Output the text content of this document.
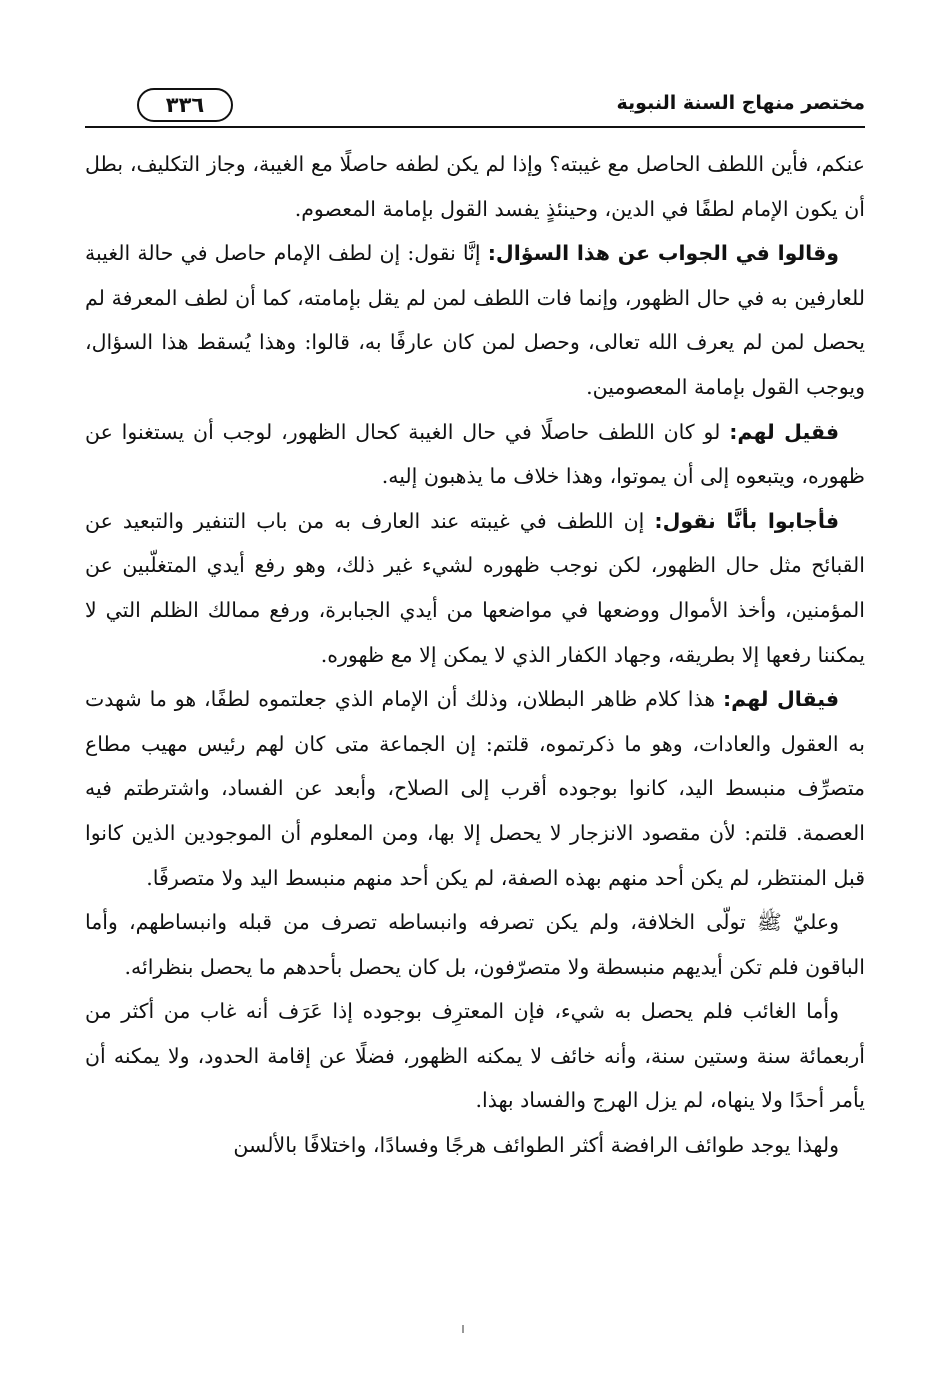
مختصر منهاج السنة النبوية
٣٣٦

عنكم، فأين اللطف الحاصل مع غيبته؟ وإذا لم يكن لطفه حاصلًا مع الغيبة، وجاز التكليف، بطل أن يكون الإمام لطفًا في الدين، وحينئذٍ يفسد القول بإمامة المعصوم.

وقالوا في الجواب عن هذا السؤال: إنَّا نقول: إن لطف الإمام حاصل في حالة الغيبة للعارفين به في حال الظهور، وإنما فات اللطف لمن لم يقل بإمامته، كما أن لطف المعرفة لم يحصل لمن لم يعرف الله تعالى، وحصل لمن كان عارفًا به، قالوا: وهذا يُسقط هذا السؤال، ويوجب القول بإمامة المعصومين.

فقيل لهم: لو كان اللطف حاصلًا في حال الغيبة كحال الظهور، لوجب أن يستغنوا عن ظهوره، ويتبعوه إلى أن يموتوا، وهذا خلاف ما يذهبون إليه.

فأجابوا بأنَّا نقول: إن اللطف في غيبته عند العارف به من باب التنفير والتبعيد عن القبائح مثل حال الظهور، لكن نوجب ظهوره لشيء غير ذلك، وهو رفع أيدي المتغلّبين عن المؤمنين، وأخذ الأموال ووضعها في مواضعها من أيدي الجبابرة، ورفع ممالك الظلم التي لا يمكننا رفعها إلا بطريقه، وجهاد الكفار الذي لا يمكن إلا مع ظهوره.

فيقال لهم: هذا كلام ظاهر البطلان، وذلك أن الإمام الذي جعلتموه لطفًا، هو ما شهدت به العقول والعادات، وهو ما ذكرتموه، قلتم: إن الجماعة متى كان لهم رئيس مهيب مطاع متصرِّف منبسط اليد، كانوا بوجوده أقرب إلى الصلاح، وأبعد عن الفساد، واشترطتم فيه العصمة. قلتم: لأن مقصود الانزجار لا يحصل إلا بها، ومن المعلوم أن الموجودين الذين كانوا قبل المنتظر، لم يكن أحد منهم بهذه الصفة، لم يكن أحد منهم منبسط اليد ولا متصرفًا.

وعليّ ﷺ تولّى الخلافة، ولم يكن تصرفه وانبساطه تصرف من قبله وانبساطهم، وأما الباقون فلم تكن أيديهم منبسطة ولا متصرّفون، بل كان يحصل بأحدهم ما يحصل بنظرائه.

وأما الغائب فلم يحصل به شيء، فإن المعترِف بوجوده إذا عَرَف أنه غاب من أكثر من أربعمائة سنة وستين سنة، وأنه خائف لا يمكنه الظهور، فضلًا عن إقامة الحدود، ولا يمكنه أن يأمر أحدًا ولا ينهاه، لم يزل الهرج والفساد بهذا.

ولهذا يوجد طوائف الرافضة أكثر الطوائف هرجًا وفسادًا، واختلافًا بالألسن
